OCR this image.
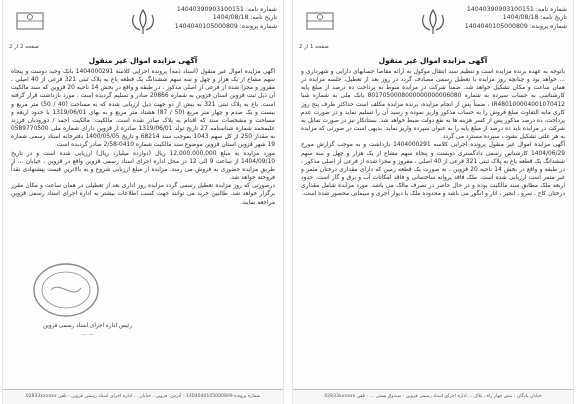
شماره نامه: 14040390903100151
تاریخ نامه: 1404/08/18
شماره پرونده: 1404040105000809
صفحه 2 از 2
آگهی مزایده اموال غیر منقول

آگهی مزایده اموال غیر منقول (اسناد ذمه) پرونده اجرایی کلاسه 1404000291 بانک وحید دوست و پنجاه سهم مشاع از یک هزار و چهل و سه سهم ششدانگ یک قطعه باغ به پلاک ثبتی 321 فرعی از 40 اصلی ، مفروز و مجزا شده از فرعی از اصلی مذکور ، در طبقه و واقع در بخش 14 ناحیه 20 قزوین که سند مالکیت آن ذیل ثبت قزوین استان قزوین به شماره 20866 صادر و تسلیم گردیده است ، مورد بازداشت قرار گرفته است. باغ به پلاک ثبتی 321 به بیش از دو جهت ذیل ارزیابی شده که به مساحت (40 / 50) متر مربع و بیست و یک صدم و چهار متر مربع (50 / 87) هشتاد متر مربع و به بهای 1319/06/01 با حدود اربعه و مساحت و مشخصات سند که اقدام به پلاک صادر شده است. مالکیت: مالکیت احمد / دورودیان فرزند علیمحمد شماره شناسنامه 27 تاریخ تولد 1319/06/01 صادره از قزوین دارای شماره ملی 0589770500 به مقدار 250 از کل سهم 1043 بموجب سند 68214 و تاریخ 1400/05/05 دفترخانه اسناد رسمی شماره 19 شهر قزوین استان قزوین موضوع سند مالکیت شماره 0410-2/58 صادر گردیده است.

مورد مزایده به مبلغ 12,000,000,000 ریال (دوازده میلیارد ریال) ارزیابی شده است و در تاریخ 1404/09/10 از ساعت 9 الی 12 در محل اداره اجرای اسناد رسمی قزوین واقع در قزوین ، خیابان ... از طریق مزایده حضوری به فروش می رسد. مزایده از مبلغ ارزیابی شروع و به بالاترین قیمت پیشنهادی نقداً فروخته خواهد شد.

درصورتی که روز مزایده تعطیل رسمی گردد مزایده روز اداری بعد از تعطیلی در همان ساعت و مکان مقرر برگزار خواهد شد. طالبین خرید می توانند جهت کسب اطلاعات بیشتر به اداره اجرای اسناد رسمی قزوین مراجعه نمایند.

رئیس اداره اجرای اسناد رسمی قزوین
... ...
شماره پرونده 1404040105000809 - آدرس: قزوین ، خیابان ... اداره اجرای اسناد رسمی قزوین - تلفن 02833xxxxxx
شماره نامه: 14040390903100151
تاریخ نامه: 1404/08/18
شماره پرونده: 1404040105000809
صفحه 1 از 2
آگهی مزایده اموال غیر منقول

باتوجه به عهده برنده مزایده است و تنظیم سند انتقال موکول به ارائه مفاصا حسابهای دارایی و شهرداری و ... خواهد بود و چنانچه روز مزایده با تعطیل رسمی مصادف گردد در روز بعد از تعطیل، جلسه مزایده در همان ساعت و مکان تشکیل خواهد شد. ضمناً شرکت در مزایده منوط به پرداخت ده درصد از مبلغ پایه کارشناسی به حساب سپرده به شماره 8017050008000000000006080 بانک ملی به شماره شبا IR480100004001070412 ، ضمناً پس از انجام مزایده، برنده مزایده مکلف است حداکثر ظرف پنج روز کاری مابه التفاوت مبلغ فروش را به حساب مذکور واریز نموده و رسید آن را تسلیم نماید و در صورت عدم پرداخت، ده درصد مذکور پس از کسر هزینه ها به نفع دولت ضبط خواهد شد. بستانکار نیز در صورت تمایل به شرکت در مزایده باید ده درصد از مبلغ پایه را به عنوان سپرده واریز نماید. بدیهی است در صورتی که مزایده به هر علتی تشکیل نشود ، سپرده مسترد می گردد.

آگهی مزایده اموال غیر منقول پرونده اجرایی کلاسه 1404000291 بازداشت و به موجب گزارش مورخ 1404/06/29 کارشناس رسمی دادگستری دویست و پنجاه سهم مشاع از یک هزار و چهل و سه سهم ششدانگ یک قطعه باغ به پلاک ثبتی 321 فرعی از 40 اصلی ، مفروز و مجزا شده از فرعی از اصلی مذکور ، در طبقه و واقع در بخش 14 ناحیه 20 قزوین ، به صورت یک قطعه زمین که دارای مقداری درختان مثمر و غیر مثمر است ارزیابی شده است. ملک فاقد پروانه ساختمانی و فاقد امکانات آب و برق و گاز است. حدود اربعه ملک مطابق سند مالکیت بوده و در حال حاضر در تصرف مالک می باشد. مورد مزایده شامل مقداری درختان کاج ، سرو ، انجیر ، انار و انگور می باشد و محدوده ملک با دیوار آجری و سیمانی محصور شده است.

خیابان پادگان ، نبش جهار راه ، پلاک ... اداره اجرای اسناد رسمی قزوین - صندوق پستی ... - تلفن 02833xxxxxx
